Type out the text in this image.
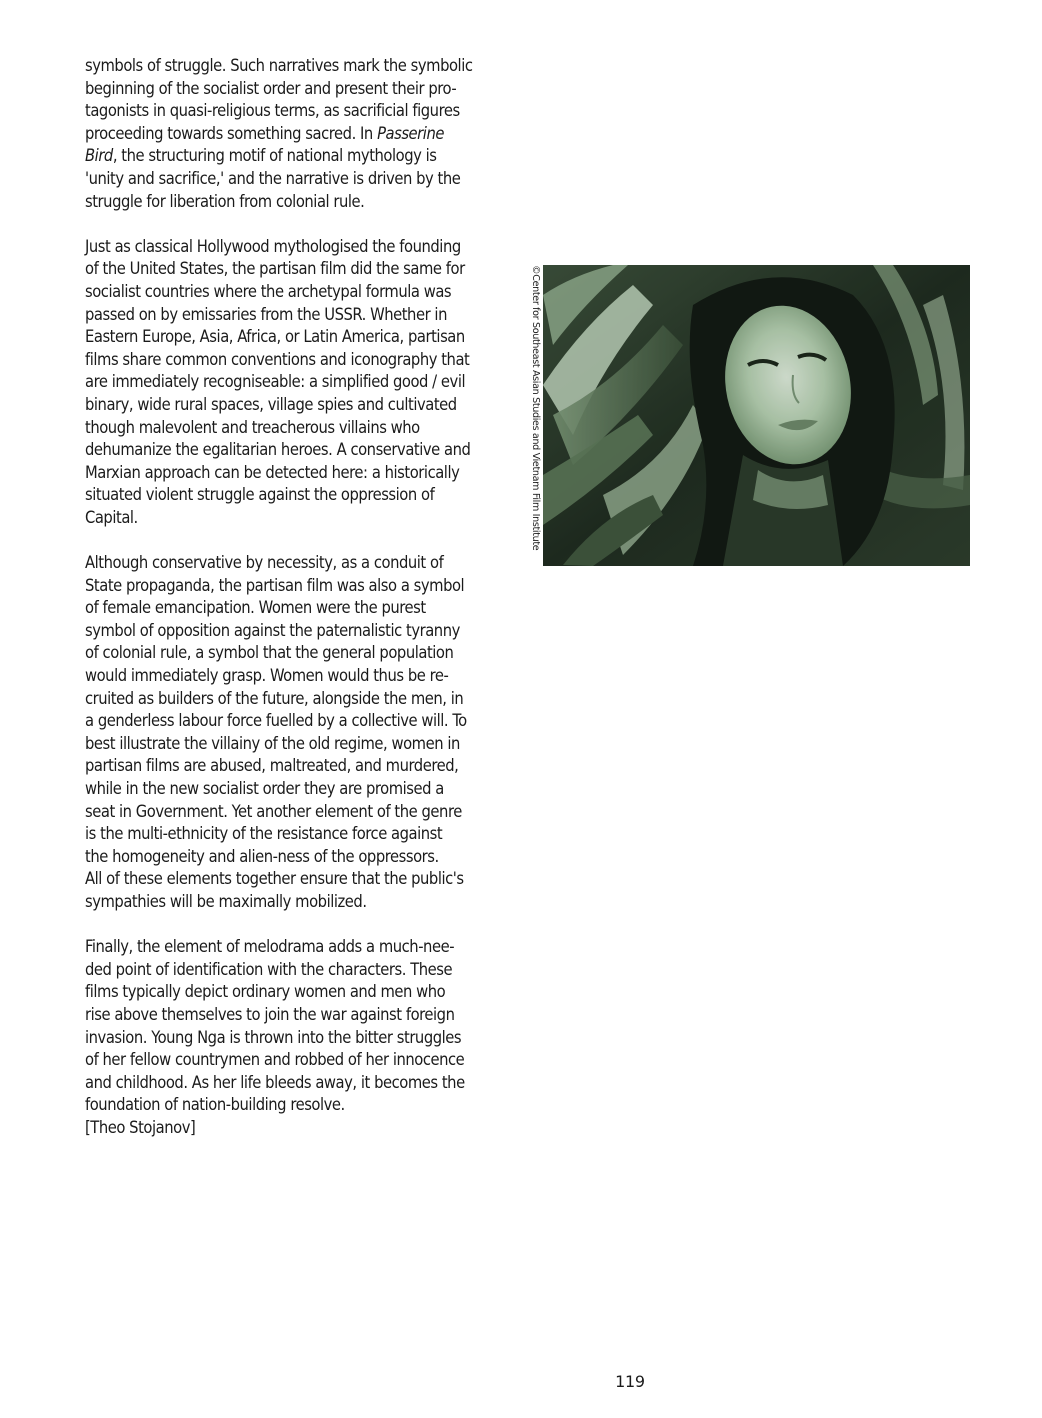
symbols of struggle. Such narratives mark the symbolic
beginning of the socialist order and present their pro-
tagonists in quasi-religious terms, as sacrificial figures
proceeding towards something sacred. In Passerine
Bird, the structuring motif of national mythology is
'unity and sacrifice,' and the narrative is driven by the
struggle for liberation from colonial rule.

Just as classical Hollywood mythologised the founding
of the United States, the partisan film did the same for
socialist countries where the archetypal formula was
passed on by emissaries from the USSR. Whether in
Eastern Europe, Asia, Africa, or Latin America, partisan
films share common conventions and iconography that
are immediately recogniseable: a simplified good / evil
binary, wide rural spaces, village spies and cultivated
though malevolent and treacherous villains who
dehumanize the egalitarian heroes. A conservative and
Marxian approach can be detected here: a historically
situated violent struggle against the oppression of
Capital.

Although conservative by necessity, as a conduit of
State propaganda, the partisan film was also a symbol
of female emancipation. Women were the purest
symbol of opposition against the paternalistic tyranny
of colonial rule, a symbol that the general population
would immediately grasp. Women would thus be re-
cruited as builders of the future, alongside the men, in
a genderless labour force fuelled by a collective will. To
best illustrate the villainy of the old regime, women in
partisan films are abused, maltreated, and murdered,
while in the new socialist order they are promised a
seat in Government. Yet another element of the genre
is the multi-ethnicity of the resistance force against
the homogeneity and alien-ness of the oppressors.
All of these elements together ensure that the public's
sympathies will be maximally mobilized.

Finally, the element of melodrama adds a much-nee-
ded point of identification with the characters. These
films typically depict ordinary women and men who
rise above themselves to join the war against foreign
invasion. Young Nga is thrown into the bitter struggles
of her fellow countrymen and robbed of her innocence
and childhood. As her life bleeds away, it becomes the
foundation of nation-building resolve.
[Theo Stojanov]

©Center for Southeast Asian Studies and Vietnam Film Institute
119
